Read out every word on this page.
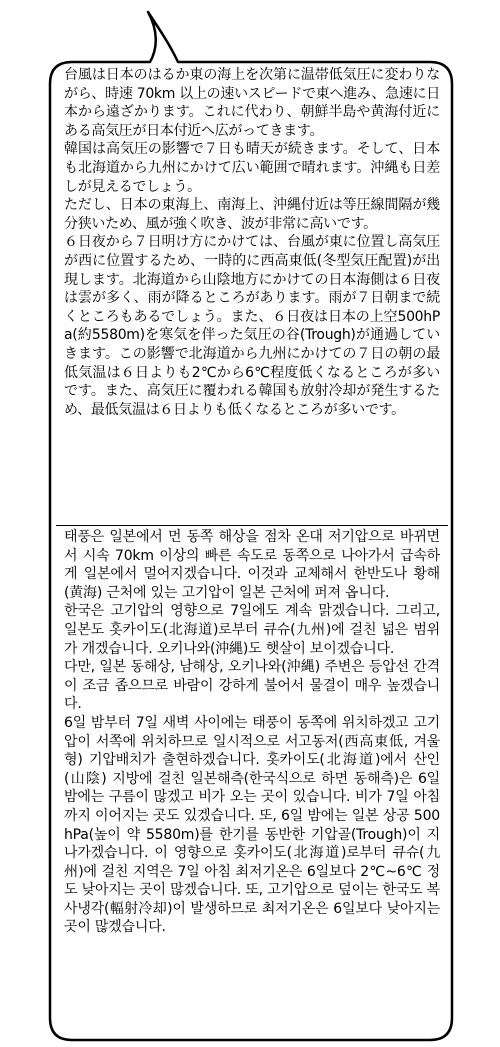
台風は日本のはるか東の海上を次第に温帯低気圧に変わりながら、時速 70km 以上の速いスピードで東へ進み、急速に日本から遠ざかります。これに代わり、朝鮮半島や黄海付近にある高気圧が日本付近へ広がってきます。

韓国は高気圧の影響で７日も晴天が続きます。そして、日本も北海道から九州にかけて広い範囲で晴れます。沖縄も日差しが見えるでしょう。

ただし、日本の東海上、南海上、沖縄付近は等圧線間隔が幾分狭いため、風が強く吹き、波が非常に高いです。

６日夜から７日明け方にかけては、台風が東に位置し高気圧が西に位置するため、一時的に西高東低(冬型気圧配置)が出現します。北海道から山陰地方にかけての日本海側は６日夜は雲が多く、雨が降るところがあります。雨が７日朝まで続くところもあるでしょう。また、６日夜は日本の上空500hPa(約5580m)を寒気を伴った気圧の谷(Trough)が通過していきます。この影響で北海道から九州にかけての７日の朝の最低気温は６日よりも2℃から6℃程度低くなるところが多いです。また、高気圧に覆われる韓国も放射冷却が発生するため、最低気温は６日よりも低くなるところが多いです。

태풍은 일본에서 먼 동쪽 해상을 점차 온대 저기압으로 바뀌면서 시속 70km 이상의 빠른 속도로 동쪽으로 나아가서 급속하게 일본에서 멀어지겠습니다. 이것과 교체해서 한반도나 황해(黄海) 근처에 있는 고기압이 일본 근처에 퍼져 옵니다.

한국은 고기압의 영향으로 7일에도 계속 맑겠습니다. 그리고, 일본도 홋카이도(北海道)로부터 큐슈(九州)에 걸친 넓은 범위가 개겠습니다. 오키나와(沖縄)도 햇살이 보이겠습니다.

다만, 일본 동해상, 남해상, 오키나와(沖縄) 주변은 등압선 간격이 조금 좁으므로 바람이 강하게 불어서 물결이 매우 높겠습니다.

6일 밤부터 7일 새벽 사이에는 태풍이 동쪽에 위치하겠고 고기압이 서쪽에 위치하므로 일시적으로 서고동저(西高東低, 겨울형) 기압배치가 출현하겠습니다. 홋카이도(北海道)에서 산인(山陰) 지방에 걸친 일본해측(한국식으로 하면 동해측)은 6일 밤에는 구름이 많겠고 비가 오는 곳이 있습니다. 비가 7일 아침까지 이어지는 곳도 있겠습니다. 또, 6일 밤에는 일본 상공 500hPa(높이 약 5580m)를 한기를 동반한 기압골(Trough)이 지나가겠습니다. 이 영향으로 홋카이도(北海道)로부터 큐슈(九州)에 걸친 지역은 7일 아침 최저기온은 6일보다 2℃~6℃ 정도 낮아지는 곳이 많겠습니다. 또, 고기압으로 덮이는 한국도 복사냉각(輻射冷却)이 발생하므로 최저기온은 6일보다 낮아지는 곳이 많겠습니다.
